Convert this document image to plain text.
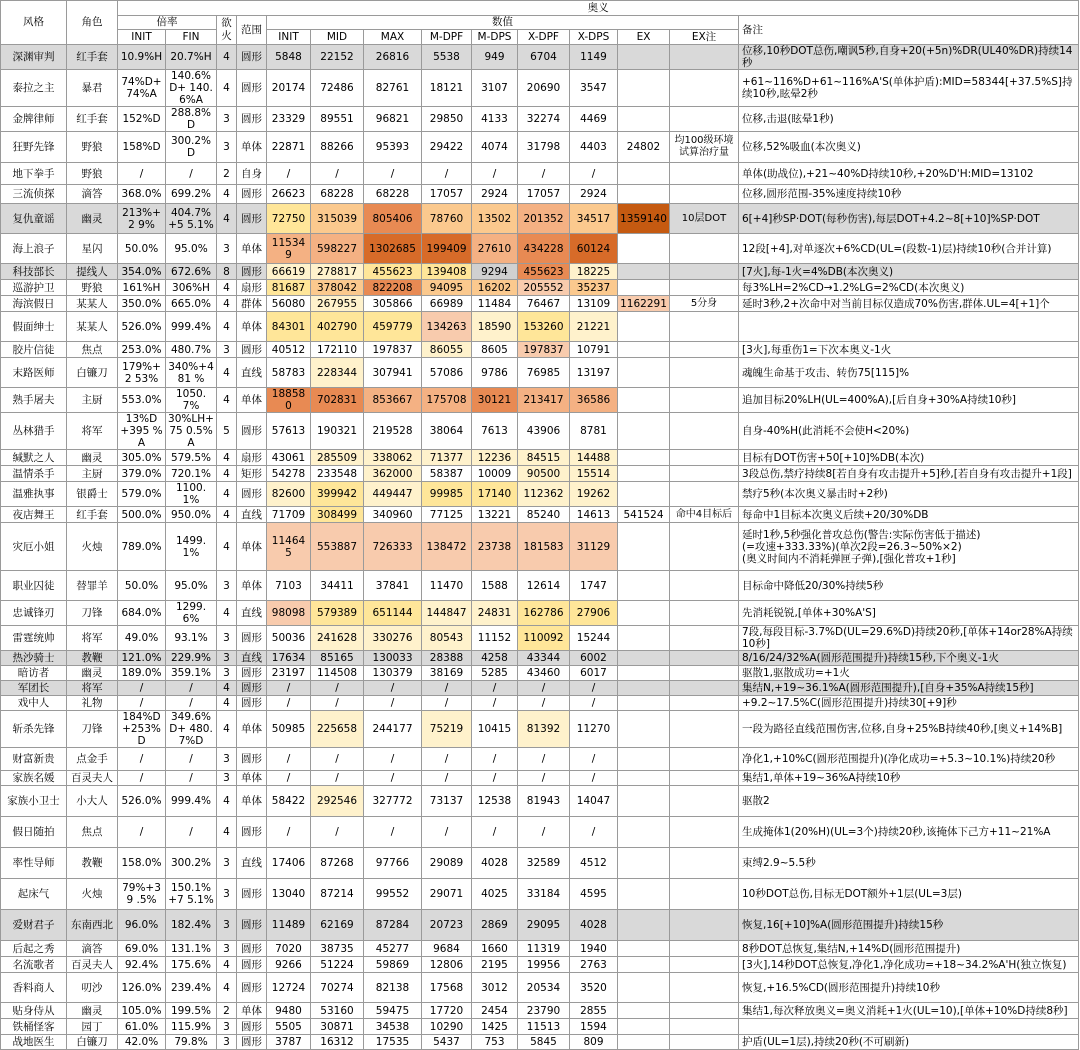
风格	角色	奥义													
		倍率		欲火	范围	数值									备注
		INIT	FIN			INIT	MID	MAX	M-DPF	M-DPS	X-DPF	X-DPS	EX	EX注	
深渊审判	红手套	10.9%H	20.7%H	4	圆形	5848	22152	26816	5538	949	6704	1149			位移,10秒DOT总伤,嘲讽5秒,自身+20(+5n)%DR(UL40%DR)持续14秒
泰拉之主	暴君	74%D+ 74%A	140.6%D+ 140.6%A	4	圆形	20174	72486	82761	18121	3107	20690	3547			+61~116%D+61~116%A'S(单体护盾):MID=58344[+37.5%S]持续10秒,眩晕2秒
金牌律师	红手套	152%D	288.8%D	3	圆形	23329	89551	96821	29850	4133	32274	4469			位移,击退(眩晕1秒)
狂野先锋	野狼	158%D	300.2%D	3	单体	22871	88266	95393	29422	4074	31798	4403	24802	均100级环境试算治疗量	位移,52%吸血(本次奥义)
地下拳手	野狼	/	/	2	自身	/	/	/	/	/	/	/			单体(助战位),+21~40%D持续10秒,+20%D'H:MID=13102
三流侦探	滴答	368.0%	699.2%	4	圆形	26623	68228	68228	17057	2924	17057	2924			位移,圆形范围-35%速度持续10秒
复仇童谣	幽灵	213%+2 9%	404.7%+5 5.1%	4	圆形	72750	315039	805406	78760	13502	201352	34517	1359140	10层DOT	6[+4]秒SP·DOT(每秒伤害),每层DOT+4.2~8[+10]%SP·DOT
海上浪子	星闪	50.0%	95.0%	3	单体	115349	598227	1302685	199409	27610	434228	60124			12段[+4],对单逐次+6%CD(UL=(段数-1)层)持续10秒(合并计算)
科技部长	提线人	354.0%	672.6%	8	圆形	66619	278817	455623	139408	9294	455623	18225			[7火],每-1火=4%DB(本次奥义)
巡游护卫	野狼	161%H	306%H	4	扇形	81687	378042	822208	94095	16202	205552	35237			每3%LH=2%CD→1.2%LG=2%CD(本次奥义)
海滨假日	某某人	350.0%	665.0%	4	群体	56080	267955	305866	66989	11484	76467	13109	1162291	5分身	延时3秒,2+次命中对当前目标仅造成70%伤害,群体.UL=4[+1]个
假面绅士	某某人	526.0%	999.4%	4	单体	84301	402790	459779	134263	18590	153260	21221			
胶片信徒	焦点	253.0%	480.7%	3	圆形	40512	172110	197837	86055	8605	197837	10791			[3火],每重伤1=下次本奥义-1火
末路医师	白镰刀	179%+2 53%	340%+481 %	4	直线	58783	228344	307941	57086	9786	76985	13197			魂魄生命基于攻击、转伤75[115]%
熟手屠夫	主厨	553.0%	1050.7%	4	单体	188580	702831	853667	175708	30121	213417	36586			追加目标20%LH(UL=400%A),[后自身+30%A持续10秒]
丛林猎手	将军	13%D +395 %A	30%LH+75 0.5%A	5	圆形	57613	190321	219528	38064	7613	43906	8781			自身-40%H(此消耗不会使H<20%)
缄默之人	幽灵	305.0%	579.5%	4	扇形	43061	285509	338062	71377	12236	84515	14488			目标有DOT伤害+50[+10]%DB(本次)
温情杀手	主厨	379.0%	720.1%	4	矩形	54278	233548	362000	58387	10009	90500	15514			3段总伤,禁疗持续8[若自身有攻击提升+5]秒,[若自身有攻击提升+1段]
温雅执事	银爵士	579.0%	1100.1%	4	圆形	82600	399942	449447	99985	17140	112362	19262			禁疗5秒(本次奥义暴击时+2秒)
夜店舞王	红手套	500.0%	950.0%	4	直线	71709	308499	340960	77125	13221	85240	14613	541524	命中4目标后	每命中1目标本次奥义后续+20/30%DB
灾厄小姐	火烛	789.0%	1499.1%	4	单体	114645	553887	726333	138472	23738	181583	31129			延时1秒,5秒强化普攻总伤(警告:实际伤害低于描述)
(=攻速+333.33%)(单次2段=26.3~50%×2)
(奥义时间内不消耗弹匣子弹),[强化普攻+1秒]
职业囚徒	替罪羊	50.0%	95.0%	3	单体	7103	34411	37841	11470	1588	12614	1747			目标命中降低20/30%持续5秒
忠诚锋刃	刀锋	684.0%	1299.6%	4	直线	98098	579389	651144	144847	24831	162786	27906			先消耗锐锐,[单体+30%A'S]
雷霆统帅	将军	49.0%	93.1%	3	圆形	50036	241628	330276	80543	11152	110092	15244			7段,每段目标-3.7%D(UL=29.6%D)持续20秒,[单体+14or28%A持续10秒]
热沙骑士	教鞭	121.0%	229.9%	3	直线	17634	85165	130033	28388	4258	43344	6002			8/16/24/32%A(圆形范围提升)持续15秒,下个奥义-1火
暗访者	幽灵	189.0%	359.1%	3	圆形	23197	114508	130379	38169	5285	43460	6017			驱散1,驱散成功=+1火
军团长	将军	/	/	4	圆形	/	/	/	/	/	/	/			集结N,+19~36.1%A(圆形范围提升),[自身+35%A持续15秒]
戏中人	礼物	/	/	4	圆形	/	/	/	/	/	/	/			+9.2~17.5%C(圆形范围提升)持续30[+9]秒
斩杀先锋	刀锋	184%D +253% D	349.6%D+ 480.7%D	4	单体	50985	225658	244177	75219	10415	81392	11270			一段为路径直线范围伤害,位移,自身+25%B持续40秒,[奥义+14%B]
财富新贵	点金手	/	/	3	圆形	/	/	/	/	/	/	/			净化1,+10%C(圆形范围提升)(净化成功=+5.3~10.1%)持续20秒
家族名媛	百灵夫人	/	/	3	单体	/	/	/	/	/	/	/			集结1,单体+19~36%A持续10秒
家族小卫士	小大人	526.0%	999.4%	4	单体	58422	292546	327772	73137	12538	81943	14047			驱散2
假日随拍	焦点	/	/	4	圆形	/	/	/	/	/	/	/			生成掩体1(20%H)(UL=3个)持续20秒,该掩体下己方+11~21%A
率性导师	教鞭	158.0%	300.2%	3	直线	17406	87268	97766	29089	4028	32589	4512			束缚2.9~5.5秒
起床气	火烛	79%+39 .5%	150.1%+7 5.1%	3	圆形	13040	87214	99552	29071	4025	33184	4595			10秒DOT总伤,目标无DOT额外+1层(UL=3层)
爱财君子	东南西北	96.0%	182.4%	3	圆形	11489	62169	87284	20723	2869	29095	4028			恢复,16[+10]%A(圆形范围提升)持续15秒
后起之秀	滴答	69.0%	131.1%	3	圆形	7020	38735	45277	9684	1660	11319	1940			8秒DOT总恢复,集结N,+14%D(圆形范围提升)
名流歌者	百灵夫人	92.4%	175.6%	4	圆形	9266	51224	59869	12806	2195	19956	2763			[3火],14秒DOT总恢复,净化1,净化成功=+18~34.2%A'H(独立恢复)
香料商人	叨沙	126.0%	239.4%	4	圆形	12724	70274	82138	17568	3012	20534	3520			恢复,+16.5%CD(圆形范围提升)持续10秒
贴身侍从	幽灵	105.0%	199.5%	2	单体	9480	53160	59475	17720	2454	23790	2855			集结1,每次释放奥义=奥义消耗+1火(UL=10),[单体+10%D持续8秒]
铁桶怪客	园丁	61.0%	115.9%	3	圆形	5505	30871	34538	10290	1425	11513	1594			
战地医生	白镰刀	42.0%	79.8%	3	圆形	3787	16312	17535	5437	753	5845	809			护盾(UL=1层),持续20秒(不可刷新)
